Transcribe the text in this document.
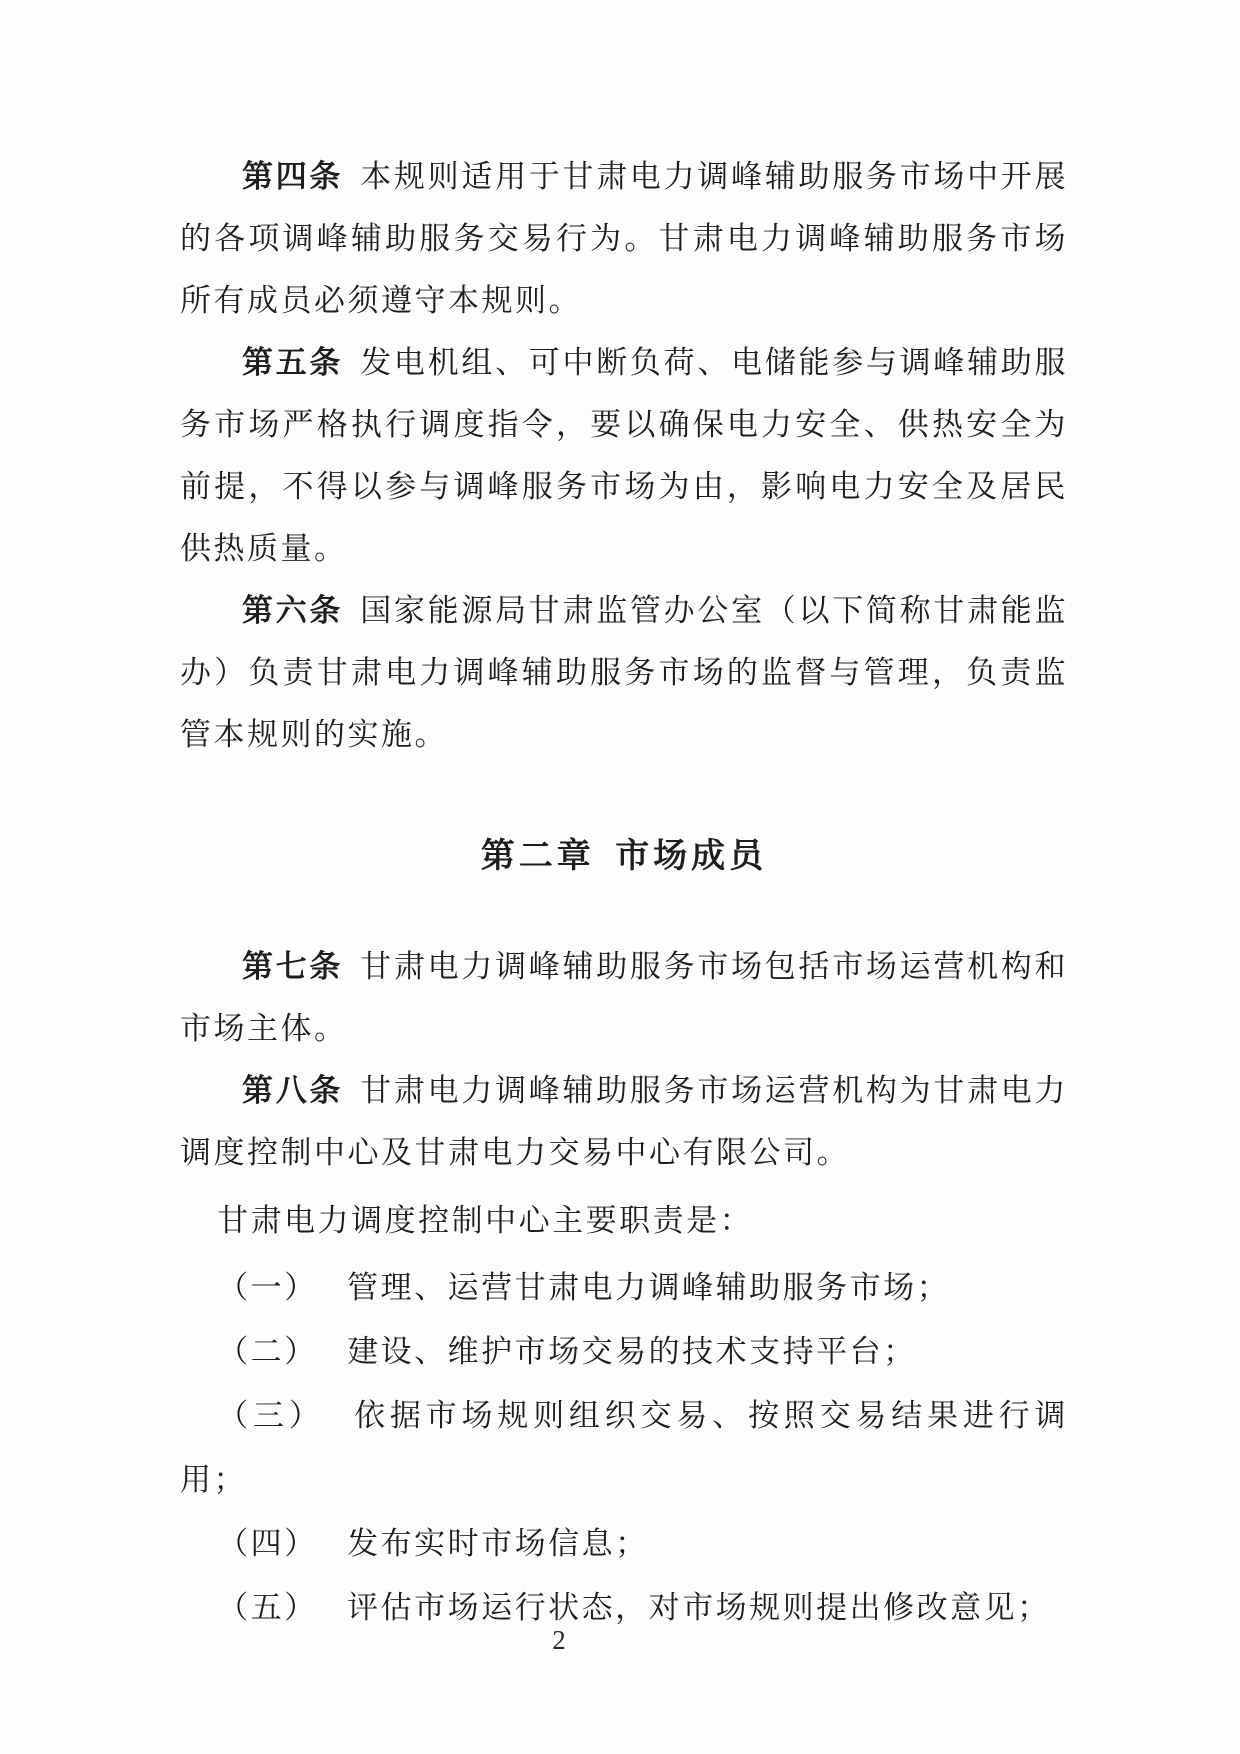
第四条 本规则适用于甘肃电力调峰辅助服务市场中开展的各项调峰辅助服务交易行为。甘肃电力调峰辅助服务市场所有成员必须遵守本规则。

第五条 发电机组、可中断负荷、电储能参与调峰辅助服务市场严格执行调度指令，要以确保电力安全、供热安全为前提，不得以参与调峰服务市场为由，影响电力安全及居民供热质量。

第六条 国家能源局甘肃监管办公室（以下简称甘肃能监办）负责甘肃电力调峰辅助服务市场的监督与管理，负责监管本规则的实施。

第二章 市场成员

第七条 甘肃电力调峰辅助服务市场包括市场运营机构和市场主体。

第八条 甘肃电力调峰辅助服务市场运营机构为甘肃电力调度控制中心及甘肃电力交易中心有限公司。

甘肃电力调度控制中心主要职责是：

（一） 管理、运营甘肃电力调峰辅助服务市场；
（二） 建设、维护市场交易的技术支持平台；
（三） 依据市场规则组织交易、按照交易结果进行调用；
（四） 发布实时市场信息；
（五） 评估市场运行状态，对市场规则提出修改意见；
2
